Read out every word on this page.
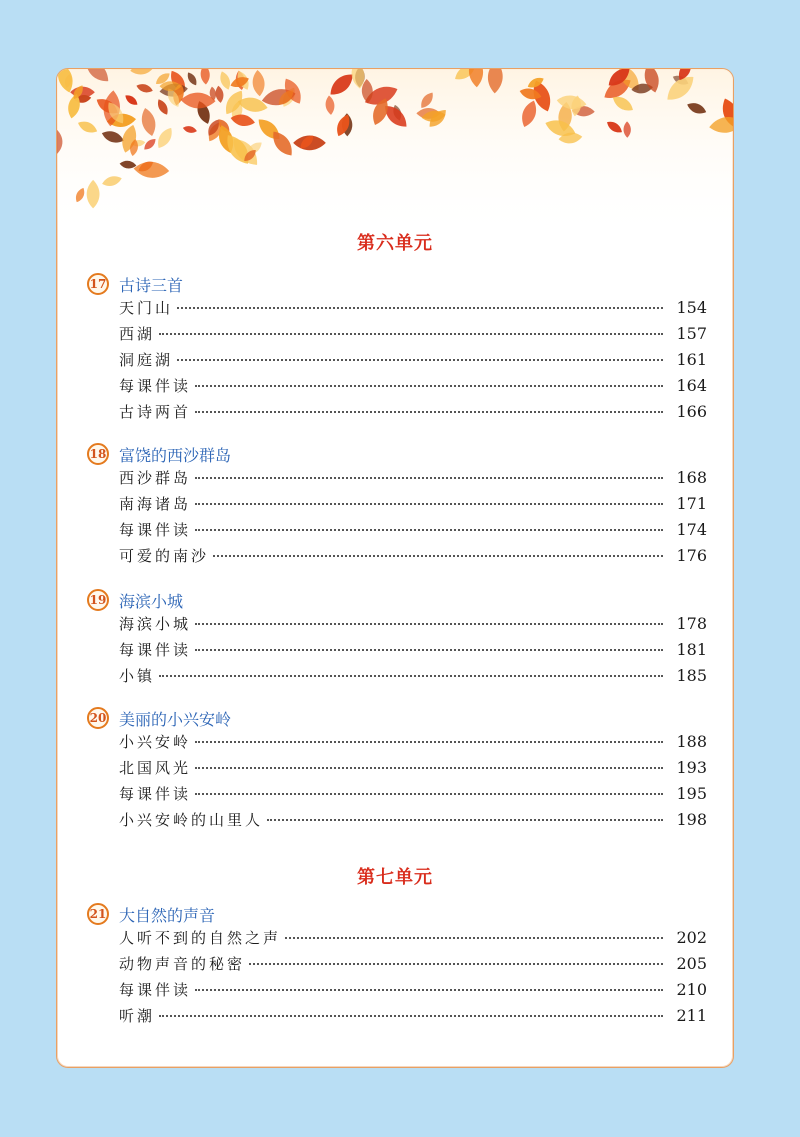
第六单元
17 古诗三首
天门山	154
西湖	157
洞庭湖	161
每课伴读	164
古诗两首	166
18 富饶的西沙群岛
西沙群岛	168
南海诸岛	171
每课伴读	174
可爱的南沙	176
19 海滨小城
海滨小城	178
每课伴读	181
小镇	185
20 美丽的小兴安岭
小兴安岭	188
北国风光	193
每课伴读	195
小兴安岭的山里人	198
第七单元
21 大自然的声音
人听不到的自然之声	202
动物声音的秘密	205
每课伴读	210
听潮	211
